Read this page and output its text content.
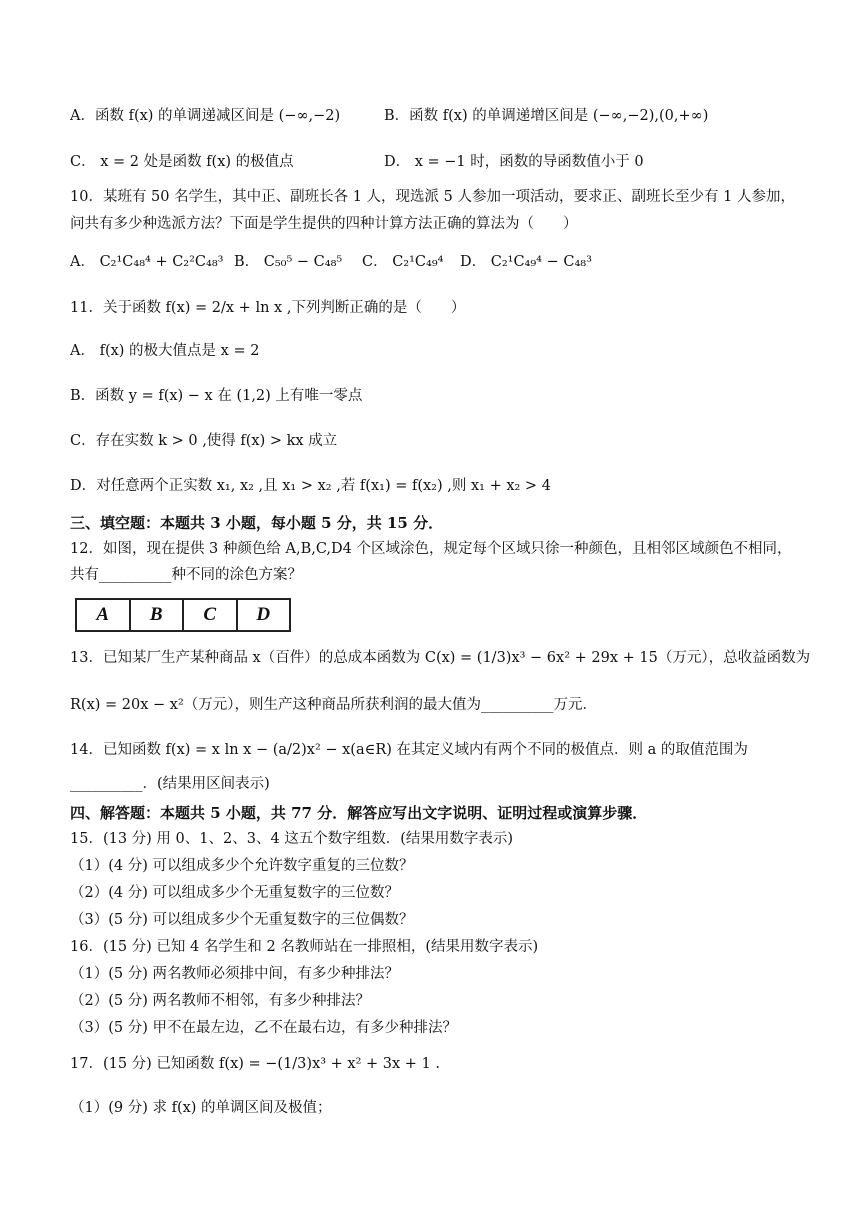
A．函数 f(x) 的单调递减区间是 (−∞,−2)	B．函数 f(x) 的单调递增区间是 (−∞,−2),(0,+∞)
C． x = 2 处是函数 f(x) 的极值点	D． x = −1 时，函数的导函数值小于 0
10．某班有 50 名学生，其中正、副班长各 1 人，现选派 5 人参加一项活动，要求正、副班长至少有 1 人参加，
问共有多少种选派方法？下面是学生提供的四种计算方法正确的算法为（　　）
A． C₂¹C₄₈⁴ + C₂²C₄₈³ B． C₅₀⁵ − C₄₈⁵ C． C₂¹C₄₉⁴ D． C₂¹C₄₉⁴ − C₄₈³
11．关于函数 f(x) = 2/x + ln x ,下列判断正确的是（　　）
A． f(x) 的极大值点是 x = 2
B．函数 y = f(x) − x 在 (1,2) 上有唯一零点
C．存在实数 k > 0 ,使得 f(x) > kx 成立
D．对任意两个正实数 x₁, x₂ ,且 x₁ > x₂ ,若 f(x₁) = f(x₂) ,则 x₁ + x₂ > 4
三、填空题：本题共 3 小题，每小题 5 分，共 15 分．
12．如图，现在提供 3 种颜色给 A,B,C,D4 个区域涂色，规定每个区域只徐一种颜色，且相邻区域颜色不相同，
共有__________种不同的涂色方案？
A	B	C	D
13．已知某厂生产某种商品 x（百件）的总成本函数为 C(x) = (1/3)x³ − 6x² + 29x + 15（万元），总收益函数为
R(x) = 20x − x²（万元），则生产这种商品所获利润的最大值为__________万元．
14．已知函数 f(x) = x ln x − (a/2)x² − x(a∈R) 在其定义域内有两个不同的极值点．则 a 的取值范围为
__________．(结果用区间表示)
四、解答题：本题共 5 小题，共 77 分．解答应写出文字说明、证明过程或演算步骤．
15．(13 分) 用 0、1、2、3、4 这五个数字组数．(结果用数字表示)
（1）(4 分) 可以组成多少个允许数字重复的三位数？
（2）(4 分) 可以组成多少个无重复数字的三位数？
（3）(5 分) 可以组成多少个无重复数字的三位偶数？
16．(15 分) 已知 4 名学生和 2 名教师站在一排照相，(结果用数字表示)
（1）(5 分) 两名教师必须排中间，有多少种排法？
（2）(5 分) 两名教师不相邻，有多少种排法？
（3）(5 分) 甲不在最左边，乙不在最右边，有多少种排法？
17．(15 分) 已知函数 f(x) = −(1/3)x³ + x² + 3x + 1 .
（1）(9 分) 求 f(x) 的单调区间及极值；
